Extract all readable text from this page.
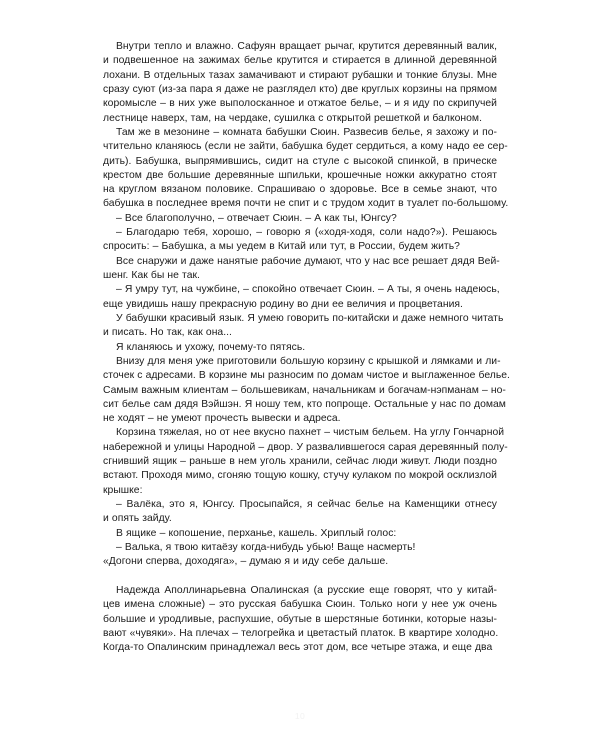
Внутри тепло и влажно. Сафуян вращает рычаг, крутится деревянный валик,
и подвешенное на зажимах белье крутится и стирается в длинной деревянной
лохани. В отдельных тазах замачивают и стирают рубашки и тонкие блузы. Мне
сразу суют (из-за пара я даже не разглядел кто) две круглых корзины на прямом
коромысле – в них уже выполосканное и отжатое белье, – и я иду по скрипучей
лестнице наверх, там, на чердаке, сушилка с открытой решеткой и балконом.

Там же в мезонине – комната бабушки Сюин. Развесив белье, я захожу и по-
чтительно кланяюсь (если не зайти, бабушка будет сердиться, а кому надо ее сер-
дить). Бабушка, выпрямившись, сидит на стуле с высокой спинкой, в прическе
крестом две большие деревянные шпильки, крошечные ножки аккуратно стоят
на круглом вязаном половике. Спрашиваю о здоровье. Все в семье знают, что
бабушка в последнее время почти не спит и с трудом ходит в туалет по-большому.

– Все благополучно, – отвечает Сюин. – А как ты, Юнгсу?

– Благодарю тебя, хорошо, – говорю я («ходя-ходя, соли надо?»). Решаюсь
спросить: – Бабушка, а мы уедем в Китай или тут, в России, будем жить?

Все снаружи и даже нанятые рабочие думают, что у нас все решает дядя Вей-
шенг. Как бы не так.

– Я умру тут, на чужбине, – спокойно отвечает Сюин. – А ты, я очень надеюсь,
еще увидишь нашу прекрасную родину во дни ее величия и процветания.

У бабушки красивый язык. Я умею говорить по-китайски и даже немного читать
и писать. Но так, как она...

Я кланяюсь и ухожу, почему-то пятясь.

Внизу для меня уже приготовили большую корзину с крышкой и лямками и ли-
сточек с адресами. В корзине мы разносим по домам чистое и выглаженное белье.
Самым важным клиентам – большевикам, начальникам и богачам-нэпманам – но-
сит белье сам дядя Вэйшэн. Я ношу тем, кто попроще. Остальные у нас по домам
не ходят – не умеют прочесть вывески и адреса.

Корзина тяжелая, но от нее вкусно пахнет – чистым бельем. На углу Гончарной
набережной и улицы Народной – двор. У развалившегося сарая деревянный полу-
сгнивший ящик – раньше в нем уголь хранили, сейчас люди живут. Люди поздно
встают. Проходя мимо, сгоняю тощую кошку, стучу кулаком по мокрой осклизлой
крышке:

– Валёка, это я, Юнгсу. Просыпайся, я сейчас белье на Каменщики отнесу
и опять зайду.

В ящике – копошение, перханье, кашель. Хриплый голос:

– Валька, я твою китаёзу когда-нибудь убью! Ваще насмерть!

«Догони сперва, доходяга», – думаю я и иду себе дальше.

Надежда Аполлинарьевна Опалинская (а русские еще говорят, что у китай-
цев имена сложные) – это русская бабушка Сюин. Только ноги у нее уж очень
большие и уродливые, распухшие, обутые в шерстяные ботинки, которые назы-
вают «чувяки». На плечах – телогрейка и цветастый платок. В квартире холодно.
Когда-то Опалинским принадлежал весь этот дом, все четыре этажа, и еще два

10
